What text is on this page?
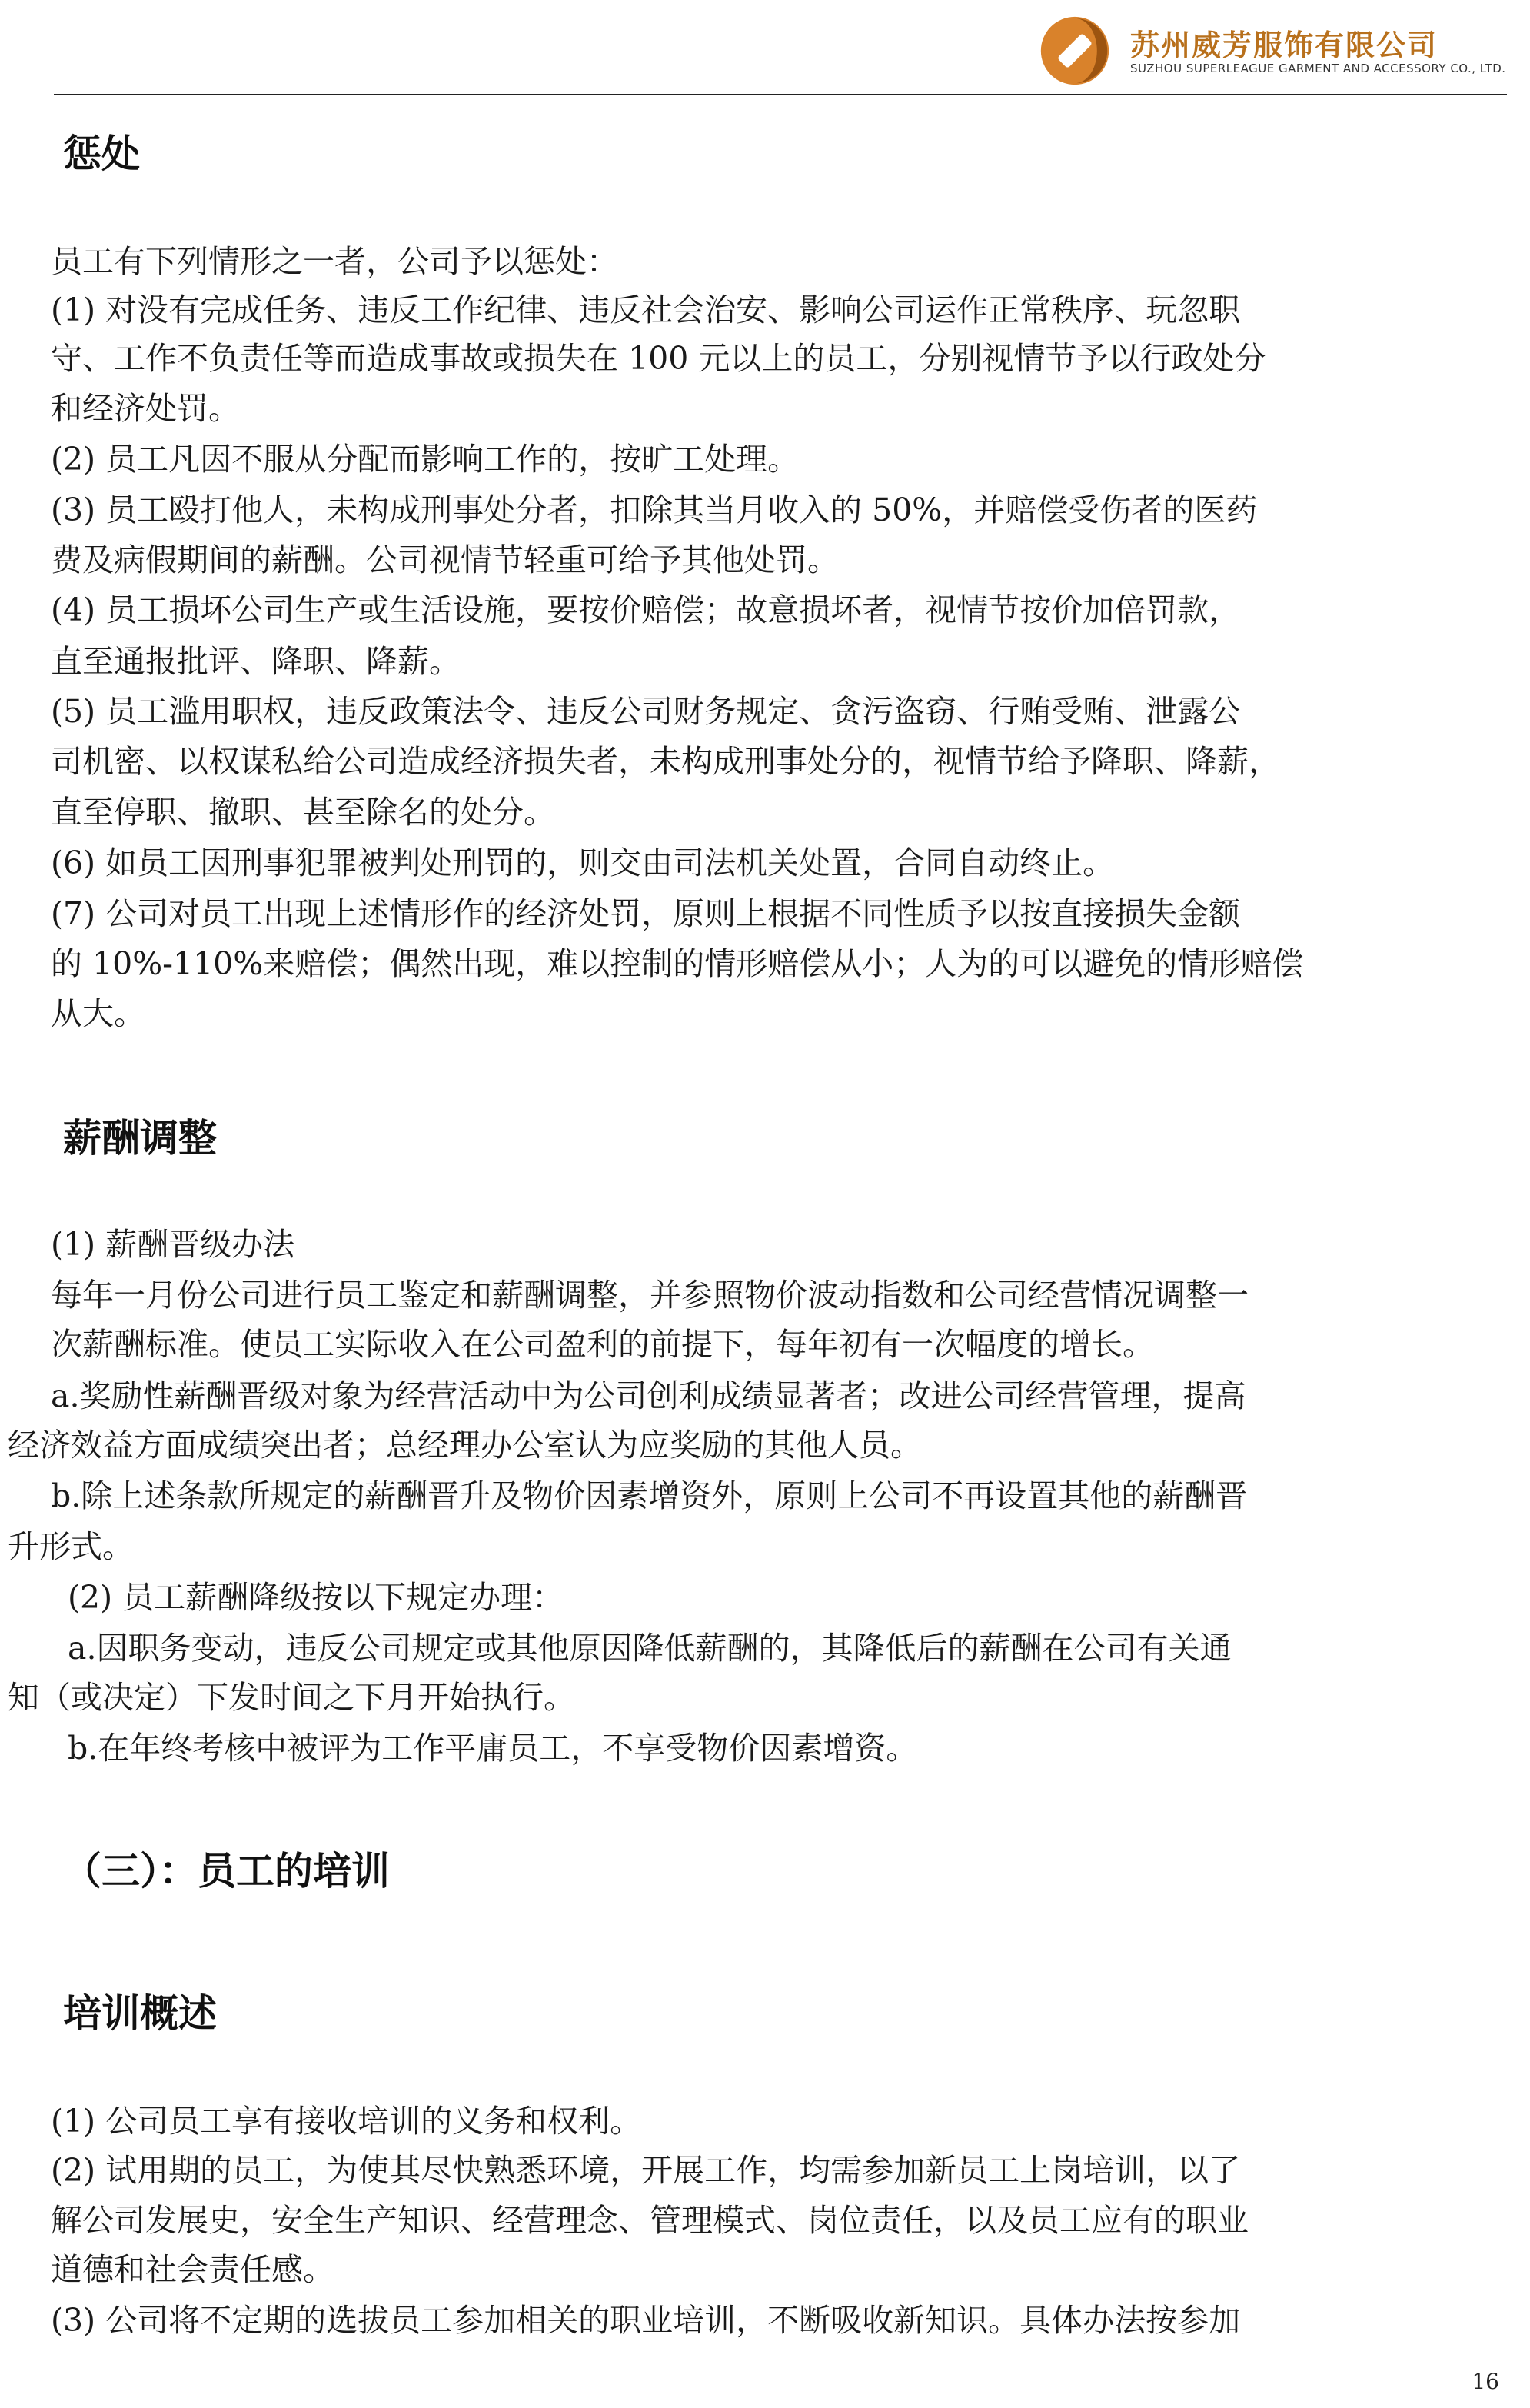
苏州威芳服饰有限公司
SUZHOU SUPERLEAGUE GARMENT AND ACCESSORY CO., LTD.
惩处
员工有下列情形之一者，公司予以惩处：
(1) 对没有完成任务、违反工作纪律、违反社会治安、影响公司运作正常秩序、玩忽职
守、工作不负责任等而造成事故或损失在 100 元以上的员工，分别视情节予以行政处分
和经济处罚。
(2) 员工凡因不服从分配而影响工作的，按旷工处理。
(3) 员工殴打他人，未构成刑事处分者，扣除其当月收入的 50%，并赔偿受伤者的医药
费及病假期间的薪酬。公司视情节轻重可给予其他处罚。
(4) 员工损坏公司生产或生活设施，要按价赔偿；故意损坏者，视情节按价加倍罚款，
直至通报批评、降职、降薪。
(5) 员工滥用职权，违反政策法令、违反公司财务规定、贪污盗窃、行贿受贿、泄露公
司机密、以权谋私给公司造成经济损失者，未构成刑事处分的，视情节给予降职、降薪，
直至停职、撤职、甚至除名的处分。
(6) 如员工因刑事犯罪被判处刑罚的，则交由司法机关处置，合同自动终止。
(7) 公司对员工出现上述情形作的经济处罚，原则上根据不同性质予以按直接损失金额
的 10%-110%来赔偿；偶然出现，难以控制的情形赔偿从小；人为的可以避免的情形赔偿
从大。
薪酬调整
(1) 薪酬晋级办法
每年一月份公司进行员工鉴定和薪酬调整，并参照物价波动指数和公司经营情况调整一
次薪酬标准。使员工实际收入在公司盈利的前提下，每年初有一次幅度的增长。
a.奖励性薪酬晋级对象为经营活动中为公司创利成绩显著者；改进公司经营管理，提高
经济效益方面成绩突出者；总经理办公室认为应奖励的其他人员。
b.除上述条款所规定的薪酬晋升及物价因素增资外，原则上公司不再设置其他的薪酬晋
升形式。
(2) 员工薪酬降级按以下规定办理：
a.因职务变动，违反公司规定或其他原因降低薪酬的，其降低后的薪酬在公司有关通
知（或决定）下发时间之下月开始执行。
b.在年终考核中被评为工作平庸员工，不享受物价因素增资。
（三）：员工的培训
培训概述
(1) 公司员工享有接收培训的义务和权利。
(2) 试用期的员工，为使其尽快熟悉环境，开展工作，均需参加新员工上岗培训，以了
解公司发展史，安全生产知识、经营理念、管理模式、岗位责任，以及员工应有的职业
道德和社会责任感。
(3) 公司将不定期的选拔员工参加相关的职业培训，不断吸收新知识。具体办法按参加
16
